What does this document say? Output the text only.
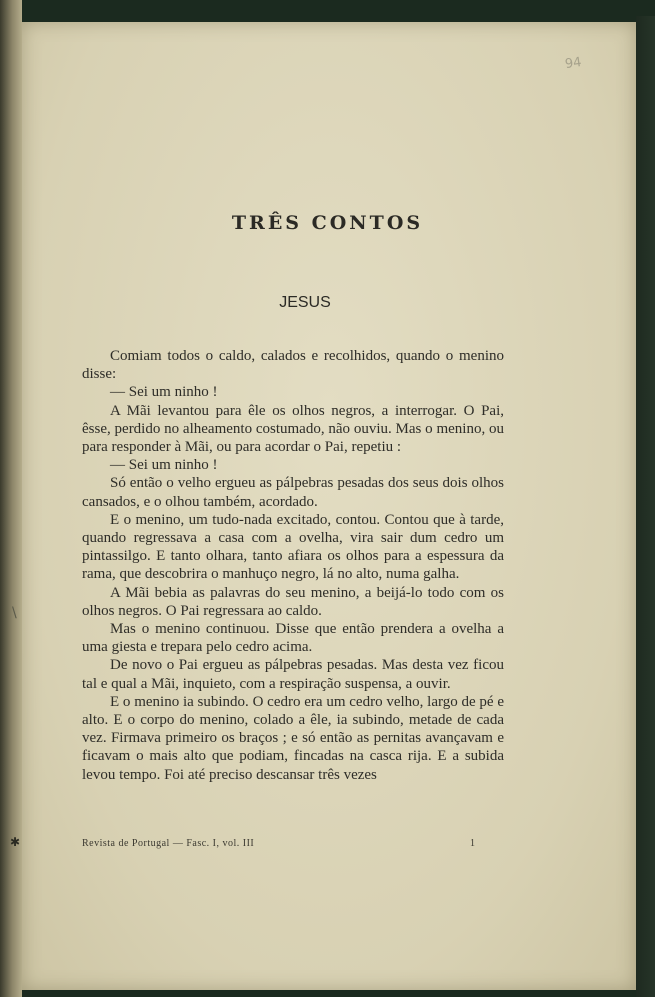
94
TRÊS CONTOS
JESUS

Comiam todos o caldo, calados e recolhidos, quando o menino disse:

— Sei um ninho !

A Mãi levantou para êle os olhos negros, a interrogar. O Pai, êsse, perdido no alheamento costumado, não ouviu. Mas o menino, ou para responder à Mãi, ou para acordar o Pai, repetiu :

— Sei um ninho !

Só então o velho ergueu as pálpebras pesadas dos seus dois olhos cansados, e o olhou também, acordado.

E o menino, um tudo-nada excitado, contou. Contou que à tarde, quando regressava a casa com a ovelha, vira sair dum cedro um pintassilgo. E tanto olhara, tanto afiara os olhos para a espessura da rama, que descobrira o manhuço negro, lá no alto, numa galha.

A Mãi bebia as palavras do seu menino, a beijá-lo todo com os olhos negros. O Pai regressara ao caldo.

Mas o menino continuou. Disse que então prendera a ovelha a uma giesta e trepara pelo cedro acima.

De novo o Pai ergueu as pálpebras pesadas. Mas desta vez ficou tal e qual a Mãi, inquieto, com a respiração suspensa, a ouvir.

E o menino ia subindo. O cedro era um cedro velho, largo de pé e alto. E o corpo do menino, colado a êle, ia subindo, metade de cada vez. Firmava primeiro os braços ; e só então as pernitas avançavam e ficavam o mais alto que podiam, fincadas na casca rija. E a subida levou tempo. Foi até preciso descansar três vezes

Revista de Portugal — Fasc. I, vol. III	1
\
✱
